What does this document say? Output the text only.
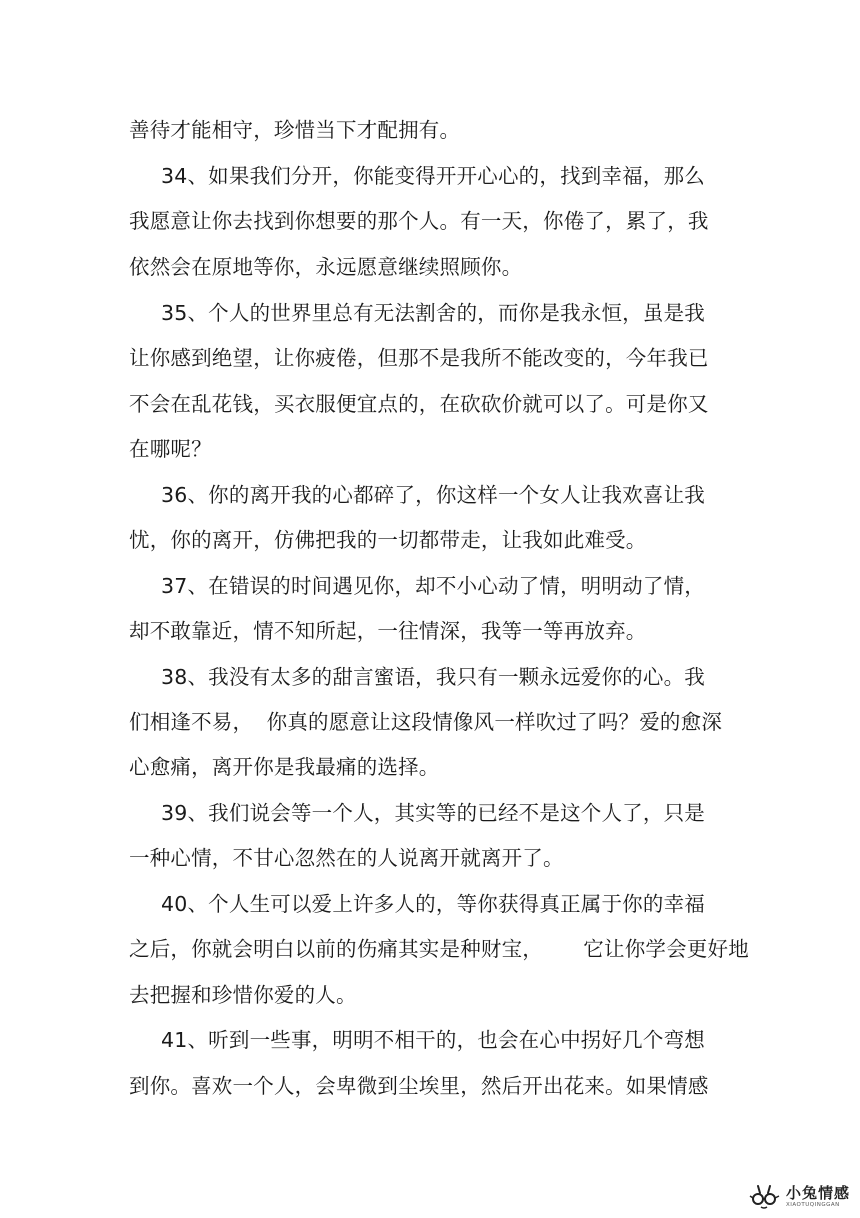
善待才能相守，珍惜当下才配拥有。
34、如果我们分开，你能变得开开心心的，找到幸福，那么
我愿意让你去找到你想要的那个人。有一天，你倦了，累了，我
依然会在原地等你，永远愿意继续照顾你。
35、个人的世界里总有无法割舍的，而你是我永恒，虽是我
让你感到绝望，让你疲倦，但那不是我所不能改变的，今年我已
不会在乱花钱，买衣服便宜点的，在砍砍价就可以了。可是你又
在哪呢？
36、你的离开我的心都碎了，你这样一个女人让我欢喜让我
忧，你的离开，仿佛把我的一切都带走，让我如此难受。
37、在错误的时间遇见你，却不小心动了情，明明动了情，
却不敢靠近，情不知所起，一往情深，我等一等再放弃。
38、我没有太多的甜言蜜语，我只有一颗永远爱你的心。我
们相逢不易，  你真的愿意让这段情像风一样吹过了吗？爱的愈深
心愈痛，离开你是我最痛的选择。
39、我们说会等一个人，其实等的已经不是这个人了，只是
一种心情，不甘心忽然在的人说离开就离开了。
40、个人生可以爱上许多人的，等你获得真正属于你的幸福
之后，你就会明白以前的伤痛其实是种财宝，      它让你学会更好地
去把握和珍惜你爱的人。
41、听到一些事，明明不相干的，也会在心中拐好几个弯想
到你。喜欢一个人，会卑微到尘埃里，然后开出花来。如果情感
小兔情感
XIAOTUQINGGAN
